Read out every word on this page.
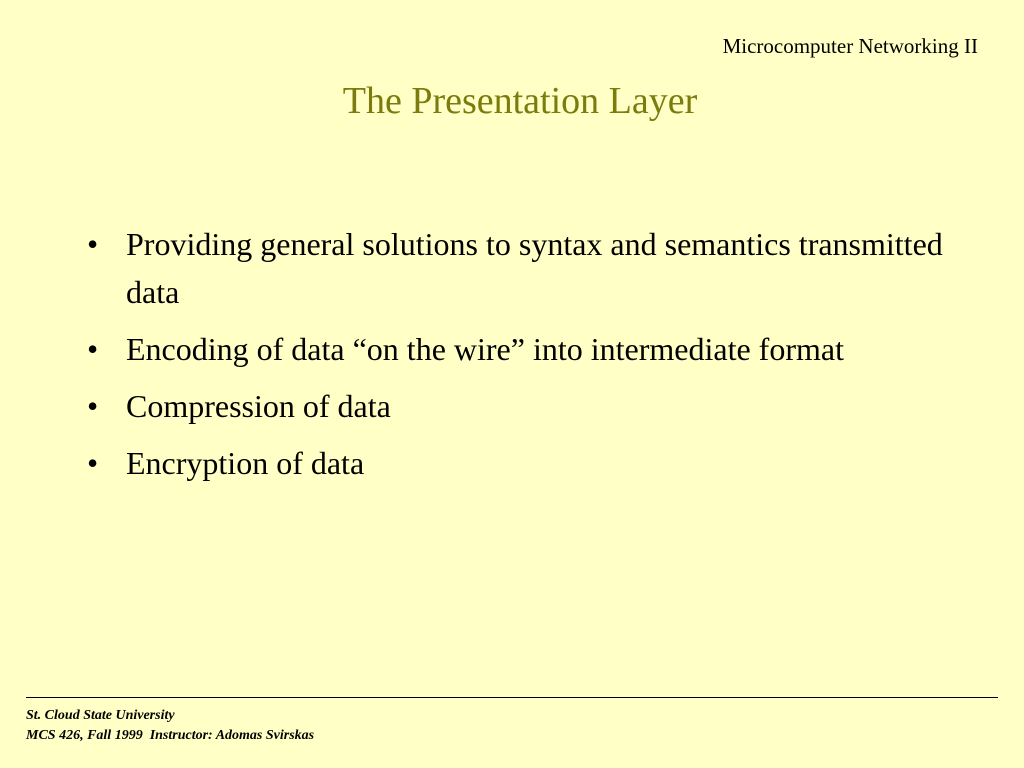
Microcomputer Networking II
The Presentation Layer
• Providing general solutions to syntax and semantics transmitted data
• Encoding of data “on the wire” into intermediate format
• Compression of data
• Encryption of data
St. Cloud State University
MCS 426, Fall 1999  Instructor: Adomas Svirskas
